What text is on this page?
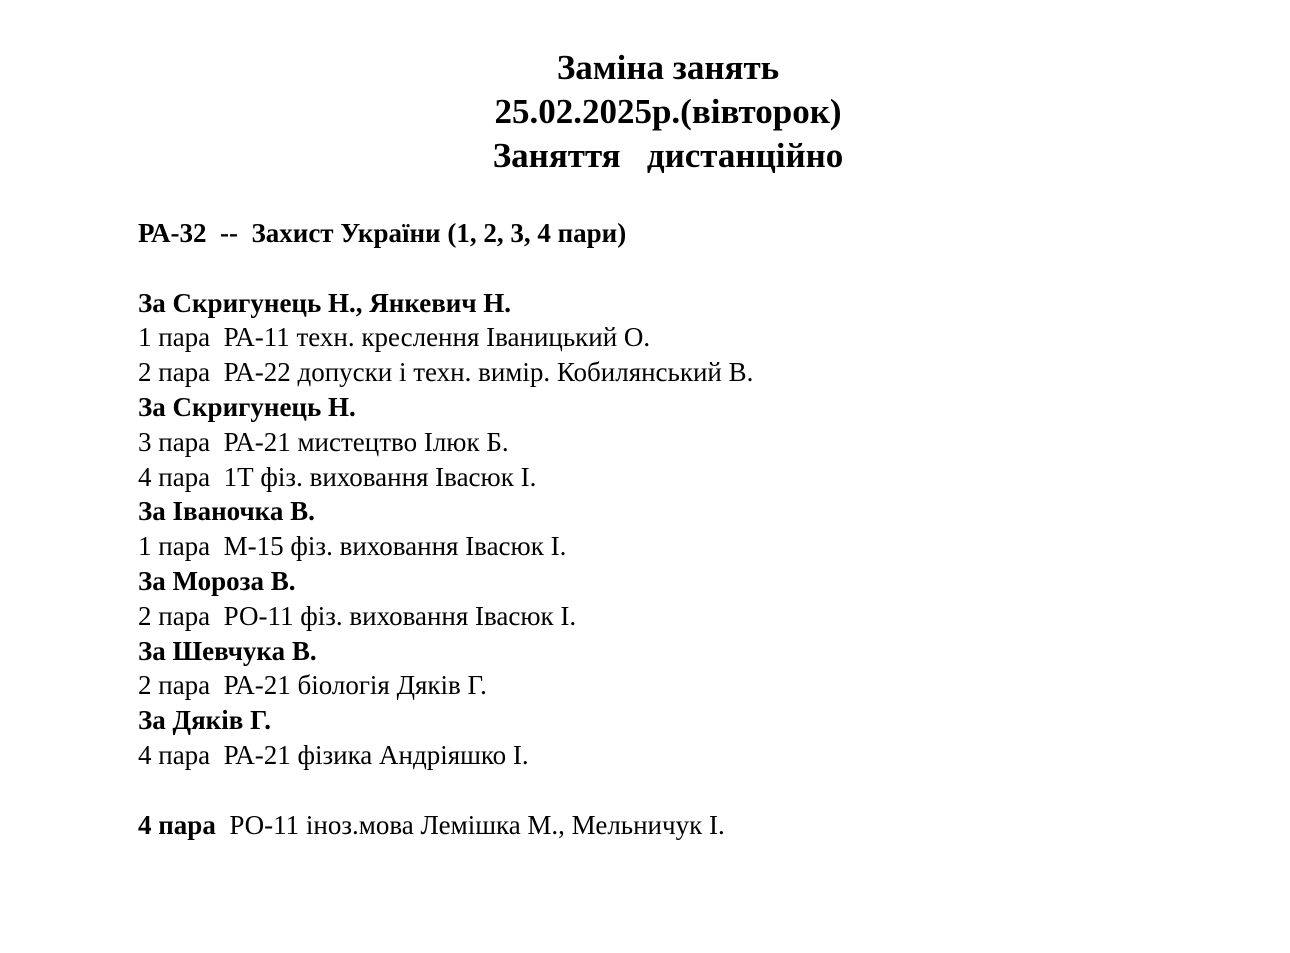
Заміна занять
25.02.2025р.(вівторок)
Заняття   дистанційно
РА-32  --  Захист України (1, 2, 3, 4 пари)
За Скригунець Н., Янкевич Н.
1 пара  РА-11 техн. креслення Іваницький О.
2 пара  РА-22 допуски і техн. вимір. Кобилянський В.
За Скригунець Н.
3 пара  РА-21 мистецтво Ілюк Б.
4 пара  1Т фіз. виховання Івасюк І.
За Іваночка В.
1 пара  М-15 фіз. виховання Івасюк І.
За Мороза В.
2 пара  РО-11 фіз. виховання Івасюк І.
За Шевчука В.
2 пара  РА-21 біологія Дяків Г.
За Дяків Г.
4 пара  РА-21 фізика Андріяшко І.
4 пара  РО-11 іноз.мова Лемішка М., Мельничук І.
